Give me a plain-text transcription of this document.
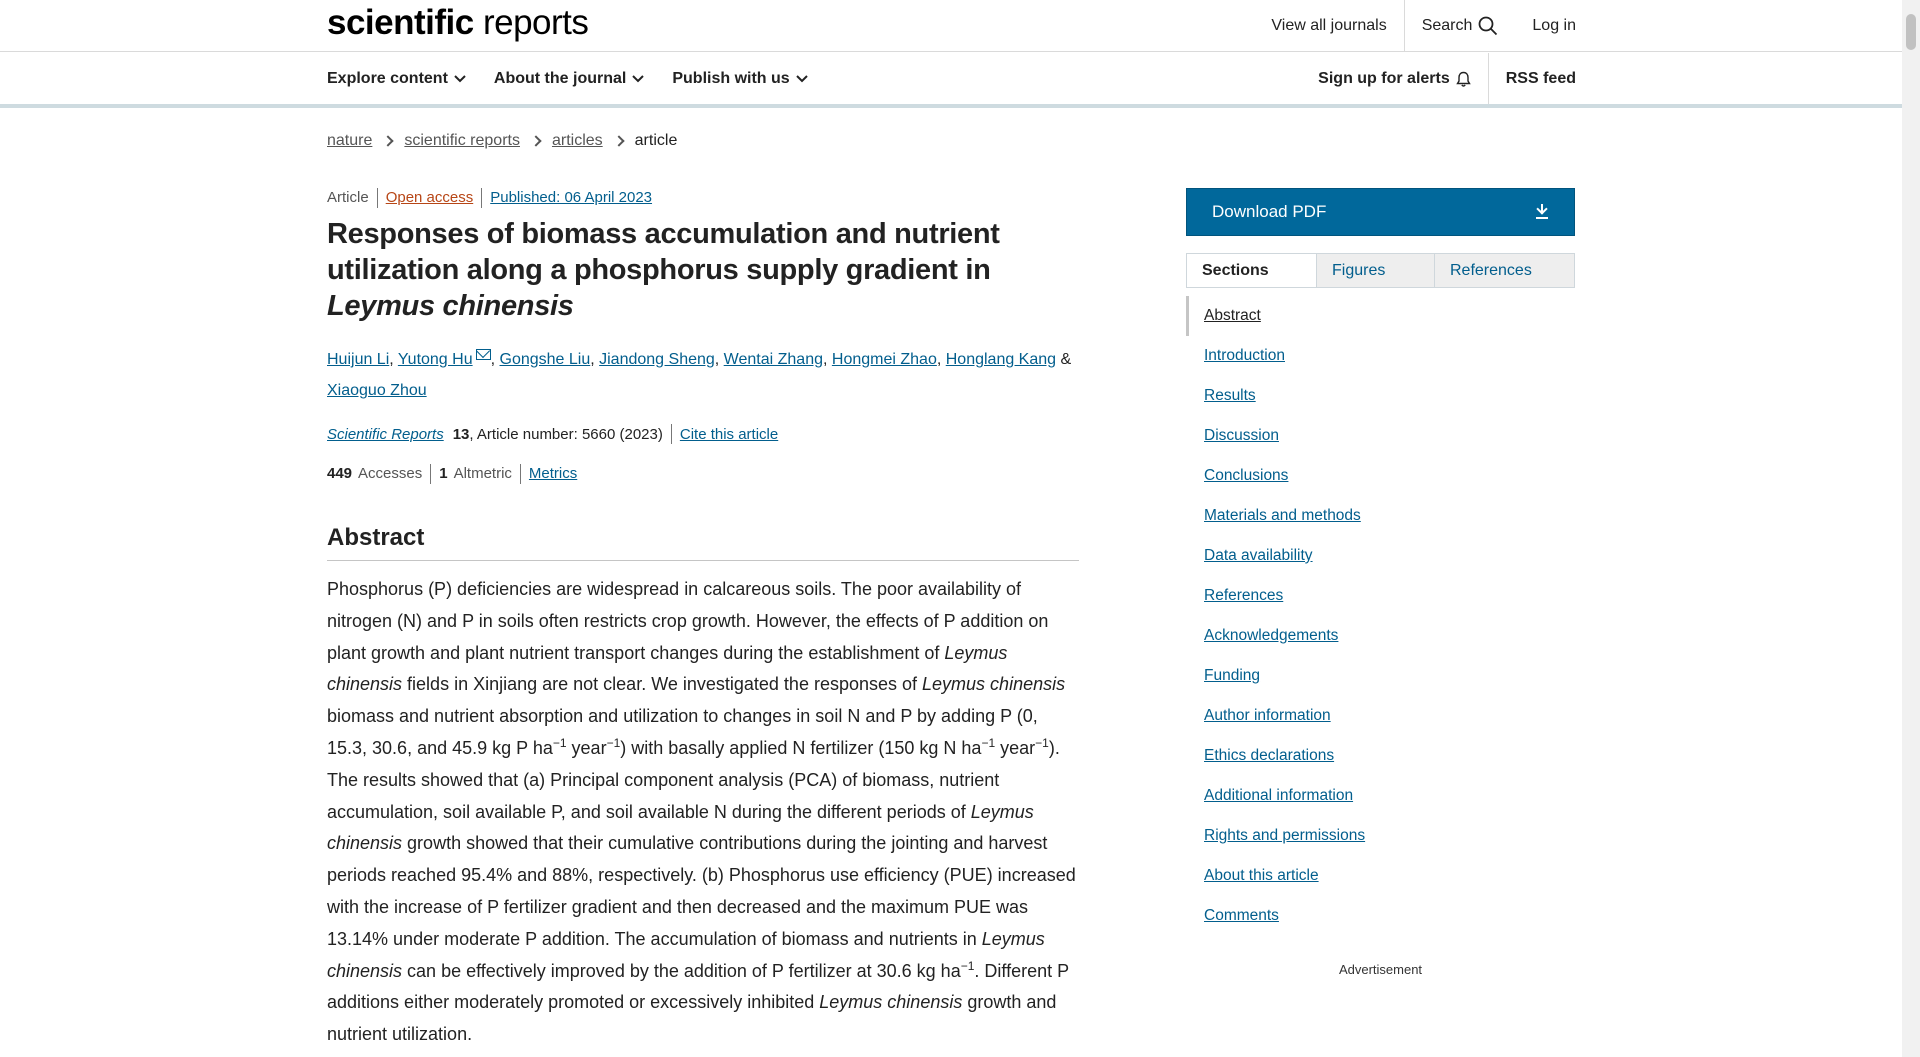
scientific reports	View all journals	Search	Log in
Explore content	About the journal	Publish with us	Sign up for alerts	RSS feed
nature scientific reports articles article
Article	Open access	Published: 06 April 2023
Responses of biomass accumulation and nutrient utilization along a phosphorus supply gradient in Leymus chinensis
Huijun Li, Yutong Hu , Gongshe Liu, Jiandong Sheng, Wentai Zhang, Hongmei Zhao, Honglang Kang &
Xiaoguo Zhou
Scientific Reports 13 , Article number: 5660 (2023) Cite this article
449 Accesses	1 Altmetric	Metrics
Abstract

Phosphorus (P) deficiencies are widespread in calcareous soils. The poor availability of nitrogen (N) and P in soils often restricts crop growth. However, the effects of P addition on plant growth and plant nutrient transport changes during the establishment of Leymus chinensis fields in Xinjiang are not clear. We investigated the responses of Leymus chinensis biomass and nutrient absorption and utilization to changes in soil N and P by adding P (0, 15.3, 30.6, and 45.9 kg P $ha^{-1}$ year$^{-1}$) with basally applied N fertilizer (150 kg N $ha^{-1}$ year$^{-1}$). The results showed that (a) Principal component analysis (PCA) of biomass, nutrient accumulation, soil available P, and soil available N during the different periods of Leymus chinensis growth showed that their cumulative contributions during the jointing and harvest periods reached 95.4% and 88%, respectively. (b) Phosphorus use efficiency (PUE) increased with the increase of P fertilizer gradient and then decreased and the maximum PUE was 13.14% under moderate P addition. The accumulation of biomass and nutrients in Leymus chinensis can be effectively improved by the addition of P fertilizer at 30.6 kg $ha^{-1}$. Different P additions either moderately promoted or excessively inhibited Leymus chinensis growth and nutrient utilization.

Download PDF
Sections	Figures	References
Abstract
Introduction
Results
Discussion
Conclusions
Materials and methods
Data availability
References
Acknowledgements
Funding
Author information
Ethics declarations
Additional information
Rights and permissions
About this article
Comments
Advertisement
